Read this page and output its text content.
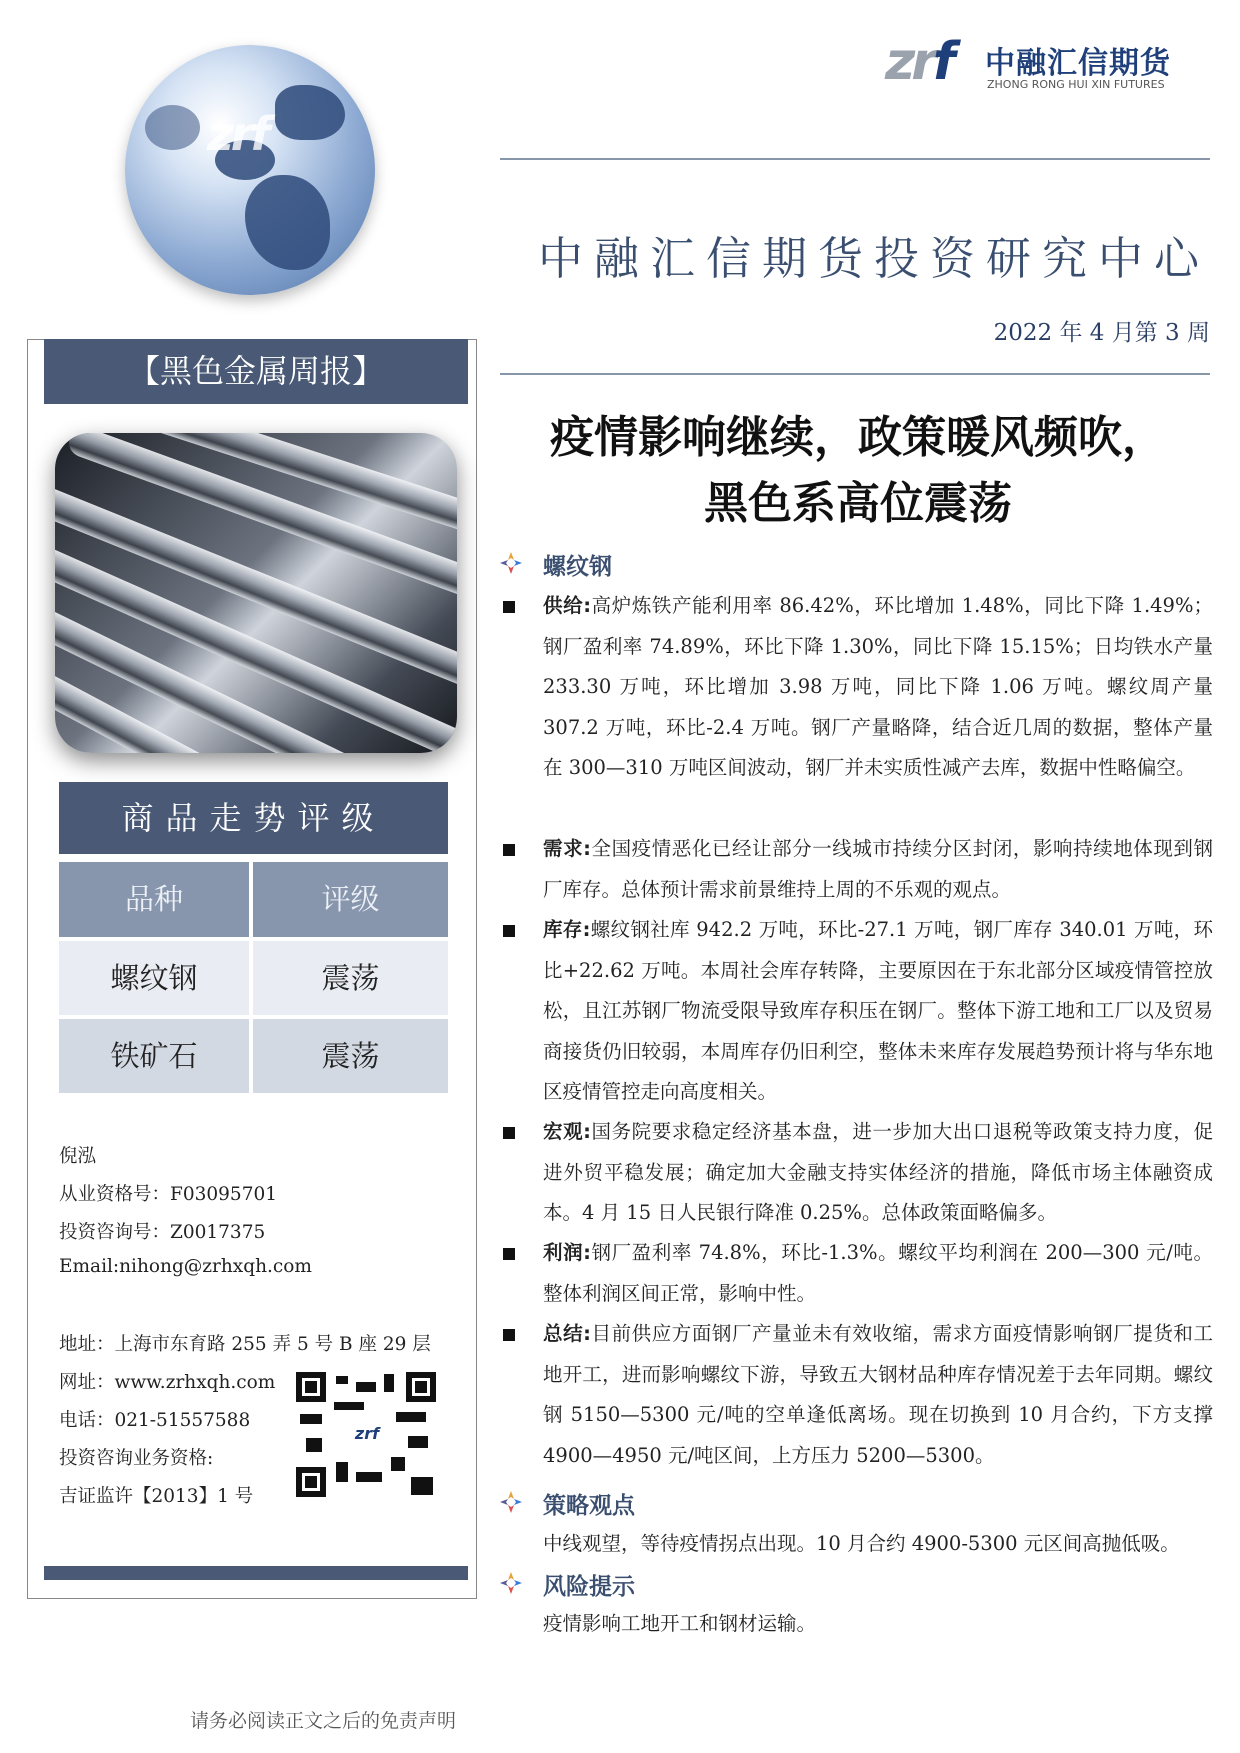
zrf
zrf 中融汇信期货
ZHONG RONG HUI XIN FUTURES
中融汇信期货投资研究中心
2022 年 4 月第 3 周
疫情影响继续，政策暖风频吹，
黑色系高位震荡
【黑色金属周报】
商品走势评级
品种	评级
螺纹钢	震荡
铁矿石	震荡
倪泓
从业资格号：F03095701
投资咨询号：Z0017375
Email:nihong@zrhxqh.com
地址：上海市东育路 255 弄 5 号 B 座 29 层
网址：www.zrhxqh.com
电话：021-51557588
投资咨询业务资格:
吉证监许【2013】1 号
zrf
螺纹钢
供给:高炉炼铁产能利用率 86.42%，环比增加 1.48%，同比下降 1.49%；钢厂盈利率 74.89%，环比下降 1.30%，同比下降 15.15%；日均铁水产量 233.30 万吨，环比增加 3.98 万吨，同比下降 1.06 万吨。螺纹周产量 307.2 万吨，环比-2.4 万吨。钢厂产量略降，结合近几周的数据，整体产量在 300—310 万吨区间波动，钢厂并未实质性减产去库，数据中性略偏空。
需求:全国疫情恶化已经让部分一线城市持续分区封闭，影响持续地体现到钢厂库存。总体预计需求前景维持上周的不乐观的观点。
库存:螺纹钢社库 942.2 万吨，环比-27.1 万吨，钢厂库存 340.01 万吨，环比+22.62 万吨。本周社会库存转降，主要原因在于东北部分区域疫情管控放松，且江苏钢厂物流受限导致库存积压在钢厂。整体下游工地和工厂以及贸易商接货仍旧较弱，本周库存仍旧利空，整体未来库存发展趋势预计将与华东地区疫情管控走向高度相关。
宏观:国务院要求稳定经济基本盘，进一步加大出口退税等政策支持力度，促进外贸平稳发展；确定加大金融支持实体经济的措施，降低市场主体融资成本。4 月 15 日人民银行降准 0.25%。总体政策面略偏多。
利润:钢厂盈利率 74.8%，环比-1.3%。螺纹平均利润在 200—300 元/吨。整体利润区间正常，影响中性。
总结:目前供应方面钢厂产量並未有效收缩，需求方面疫情影响钢厂提货和工地开工，进而影响螺纹下游，导致五大钢材品种库存情况差于去年同期。螺纹钢 5150—5300 元/吨的空单逢低离场。现在切换到 10 月合约，下方支撑 4900—4950 元/吨区间，上方压力 5200—5300。
策略观点
中线观望，等待疫情拐点出现。10 月合约 4900-5300 元区间高抛低吸。
风险提示
疫情影响工地开工和钢材运输。
请务必阅读正文之后的免责声明
